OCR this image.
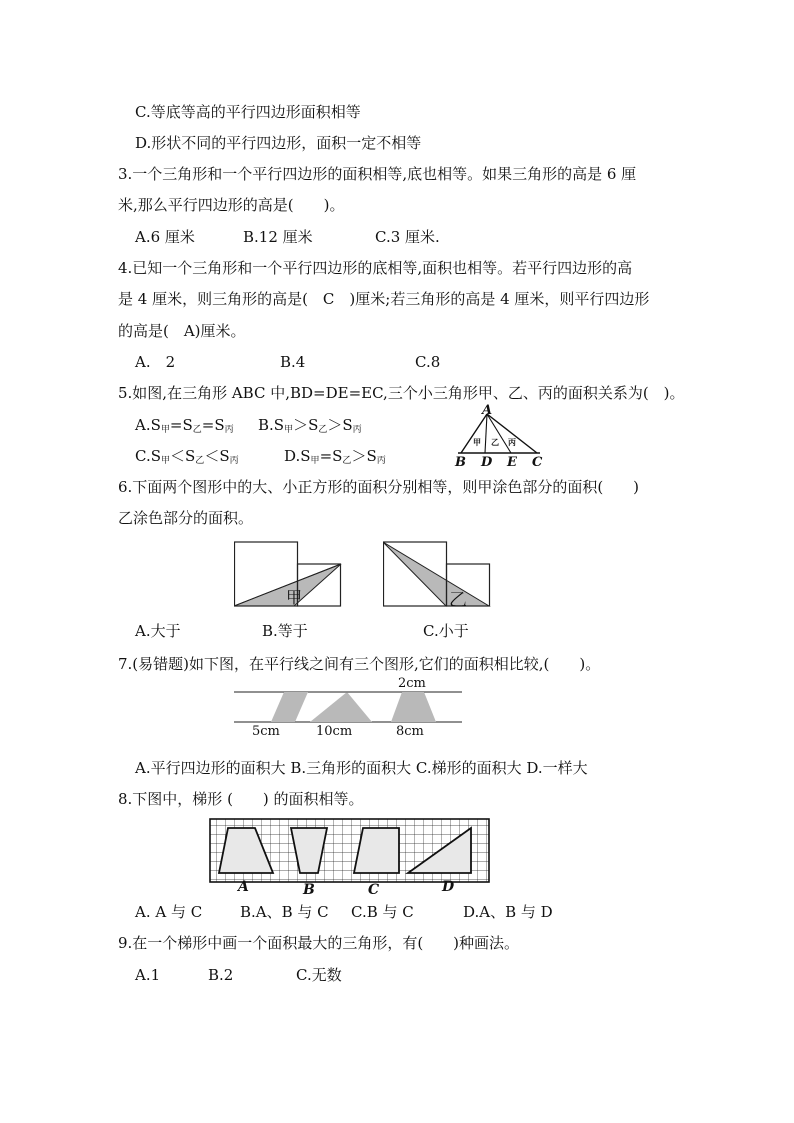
C.等底等高的平行四边形面积相等
D.形状不同的平行四边形，面积一定不相等
3.一个三角形和一个平行四边形的面积相等,底也相等。如果三角形的高是 6 厘
米,那么平行四边形的高是(　　)。
A.6 厘米	B.12 厘米	C.3 厘米.
4.已知一个三角形和一个平行四边形的底相等,面积也相等。若平行四边形的高
是 4 厘米，则三角形的高是(　C　)厘米;若三角形的高是 4 厘米，则平行四边形
的高是(　A)厘米。
A.　2	B.4	C.8
5.如图,在三角形 ABC 中,BD=DE=EC,三个小三角形甲、乙、丙的面积关系为(　)。
$A.S_甲=S_乙=S_丙$ $B.S_甲>S_乙>S_丙$
$C.S_甲<S_乙<S_丙$	$D.S_甲=S_乙>S_丙$
A
B D E C
甲 乙 丙
6.下面两个图形中的大、小正方形的面积分别相等，则甲涂色部分的面积(　　)
乙涂色部分的面积。
甲	乙
A.大于	B.等于	C.小于
7.(易错题)如下图，在平行线之间有三个图形,它们的面积相比较,(　　)。
2cm
5cm	10cm	8cm
A.平行四边形的面积大 B.三角形的面积大 C.梯形的面积大 D.一样大
8.下图中，梯形 (　　) 的面积相等。
A	B	C	D
A. A 与 C	B.A、B 与 C C.B 与 C	D.A、B 与 D
9.在一个梯形中画一个面积最大的三角形，有(　　)种画法。
A.1	B.2	C.无数
